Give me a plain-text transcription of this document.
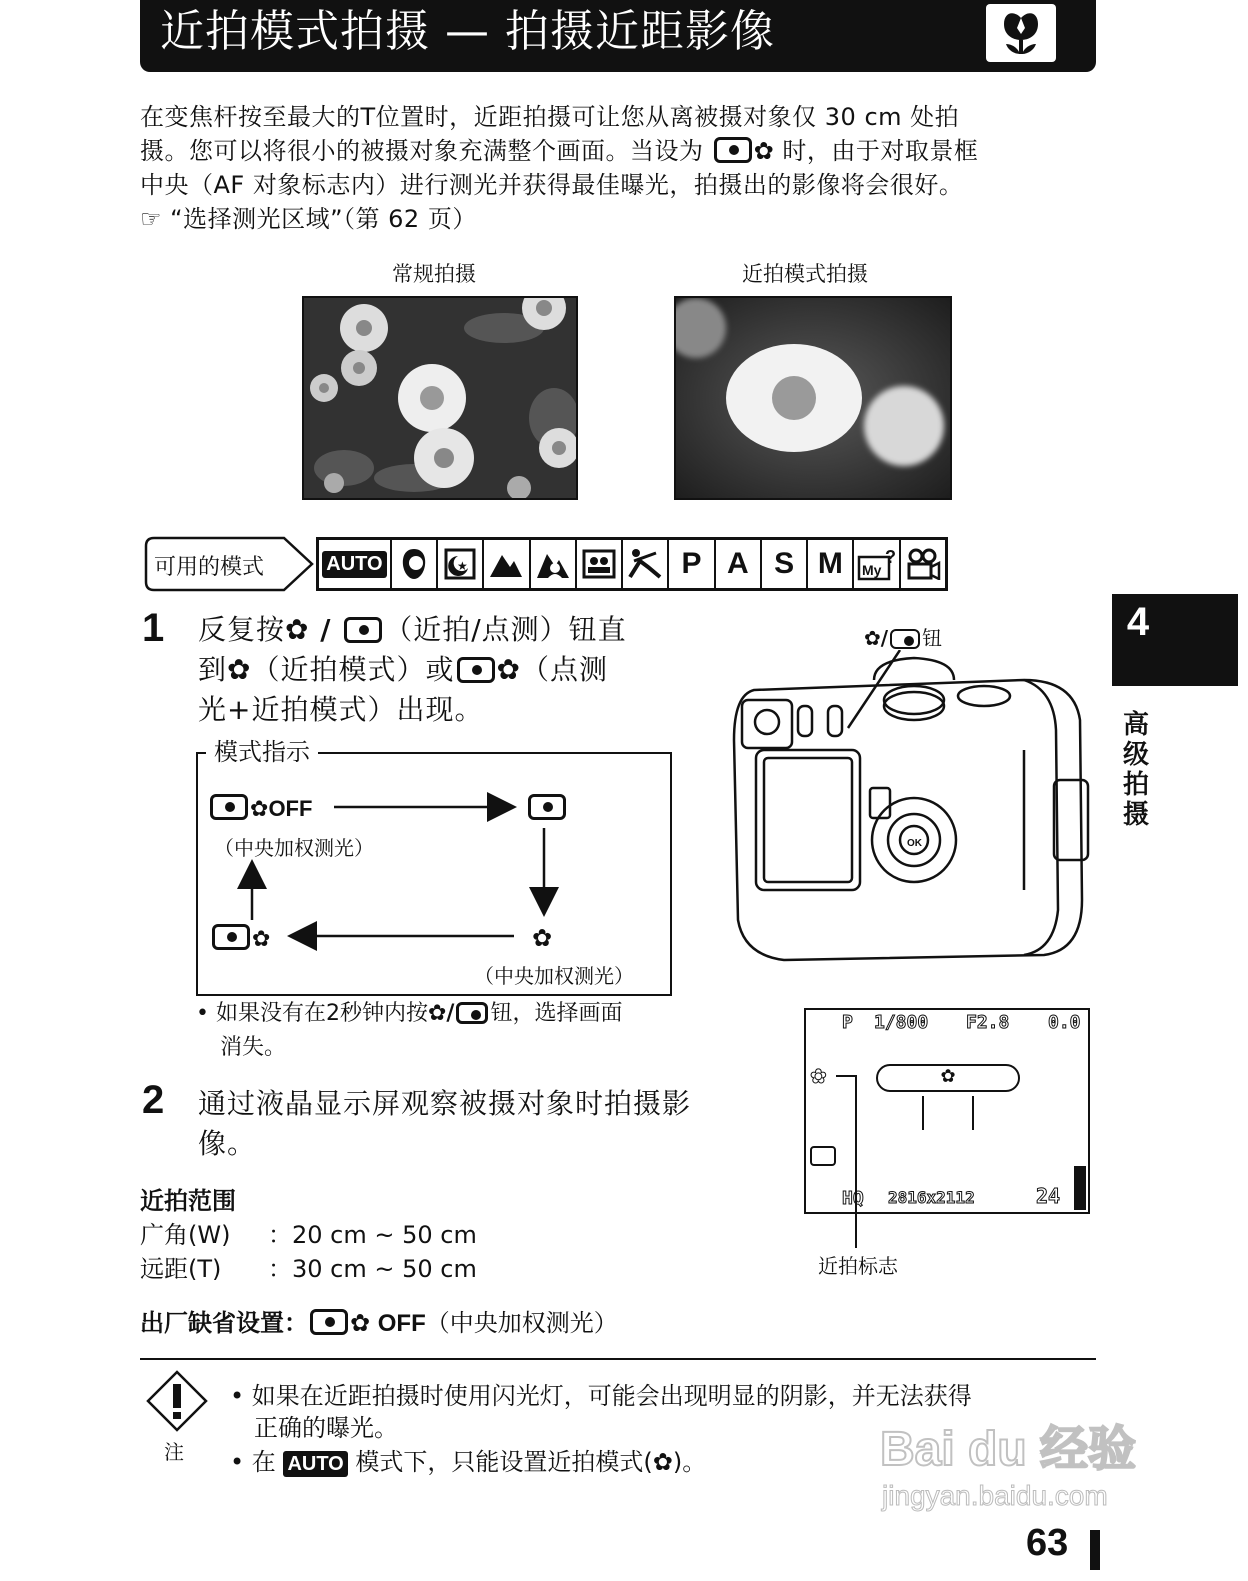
近拍模式拍摄 — 拍摄近距影像
在变焦杆按至最大的T位置时，近距拍摄可让您从离被摄对象仅 30 cm 处拍
摄。您可以将很小的被摄对象充满整个画面。当设为 ✿ 时，由于对取景框
中央（AF 对象标志内）进行测光并获得最佳曝光，拍摄出的影像将会很好。
☞ “选择测光区域”（第 62 页）
常规拍摄	近拍模式拍摄
可用的模式	AUTO	★	P A S M	My
?
1 反复按✿ / （近拍/点测）钮直
到✿（近拍模式）或 ✿（点测
光+近拍模式）出现。
模式指示
✿OFF
（中央加权测光）
✿	✿
（中央加权测光）
• 如果没有在2秒钟内按✿/ 钮，选择画面
消失。
✿/ 钮
OK
P 1/800 F2.8 0.0
✿	✿
HQ 2816x2112	24
近拍标志
2 通过液晶显示屏观察被摄对象时拍摄影
像。
近拍范围
广角(W) ：20 cm ~ 50 cm
远距(T) ：30 cm ~ 50 cm
出厂缺省设置： ✿ OFF（中央加权测光）
注
• 如果在近距拍摄时使用闪光灯，可能会出现明显的阴影，并无法获得
正确的曝光。
• 在 AUTO 模式下，只能设置近拍模式(✿)。
4
高
级
拍
摄
Bai du 经验
jingyan.baidu.com
63
